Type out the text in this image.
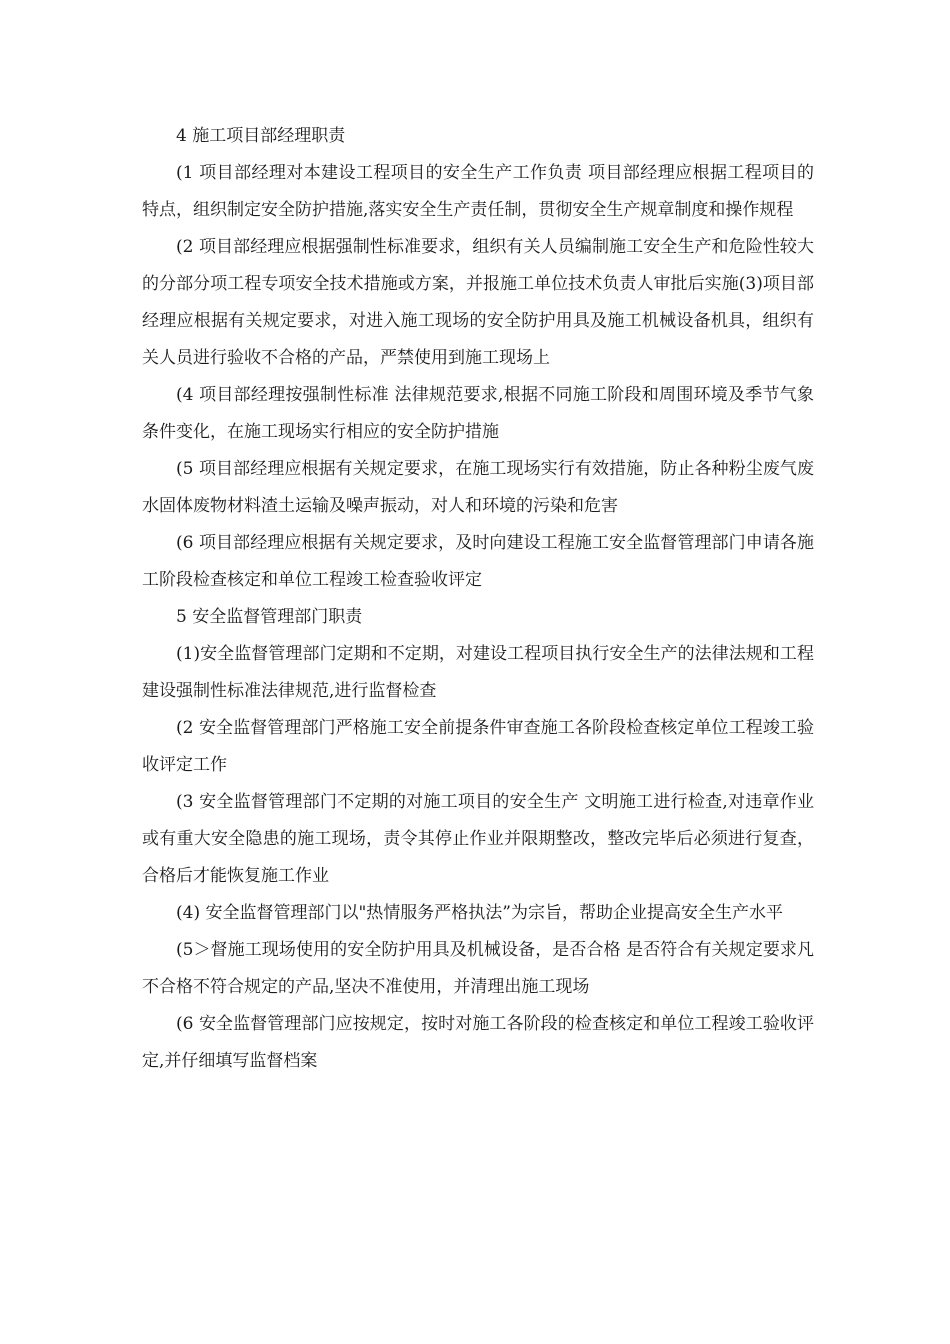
4 施工项目部经理职责

(1 项目部经理对本建设工程项目的安全生产工作负责 项目部经理应根据工程项目的特点，组织制定安全防护措施,落实安全生产责任制，贯彻安全生产规章制度和操作规程

(2 项目部经理应根据强制性标准要求，组织有关人员编制施工安全生产和危险性较大的分部分项工程专项安全技术措施或方案，并报施工单位技术负责人审批后实施(3)项目部经理应根据有关规定要求，对进入施工现场的安全防护用具及施工机械设备机具，组织有关人员进行验收不合格的产品，严禁使用到施工现场上

(4 项目部经理按强制性标准 法律规范要求,根据不同施工阶段和周围环境及季节气象条件变化，在施工现场实行相应的安全防护措施

(5 项目部经理应根据有关规定要求，在施工现场实行有效措施，防止各种粉尘废气废水固体废物材料渣土运输及噪声振动，对人和环境的污染和危害

(6 项目部经理应根据有关规定要求，及时向建设工程施工安全监督管理部门申请各施工阶段检查核定和单位工程竣工检查验收评定

5 安全监督管理部门职责

(1)安全监督管理部门定期和不定期，对建设工程项目执行安全生产的法律法规和工程建设强制性标准法律规范,进行监督检查

(2 安全监督管理部门严格施工安全前提条件审查施工各阶段检查核定单位工程竣工验收评定工作

(3 安全监督管理部门不定期的对施工项目的安全生产 文明施工进行检查,对违章作业或有重大安全隐患的施工现场，责令其停止作业并限期整改，整改完毕后必须进行复查，合格后才能恢复施工作业

(4) 安全监督管理部门以"热情服务严格执法”为宗旨，帮助企业提高安全生产水平

(5＞督施工现场使用的安全防护用具及机械设备，是否合格 是否符合有关规定要求凡不合格不符合规定的产品,坚决不准使用，并清理出施工现场

(6 安全监督管理部门应按规定，按时对施工各阶段的检查核定和单位工程竣工验收评定,并仔细填写监督档案
